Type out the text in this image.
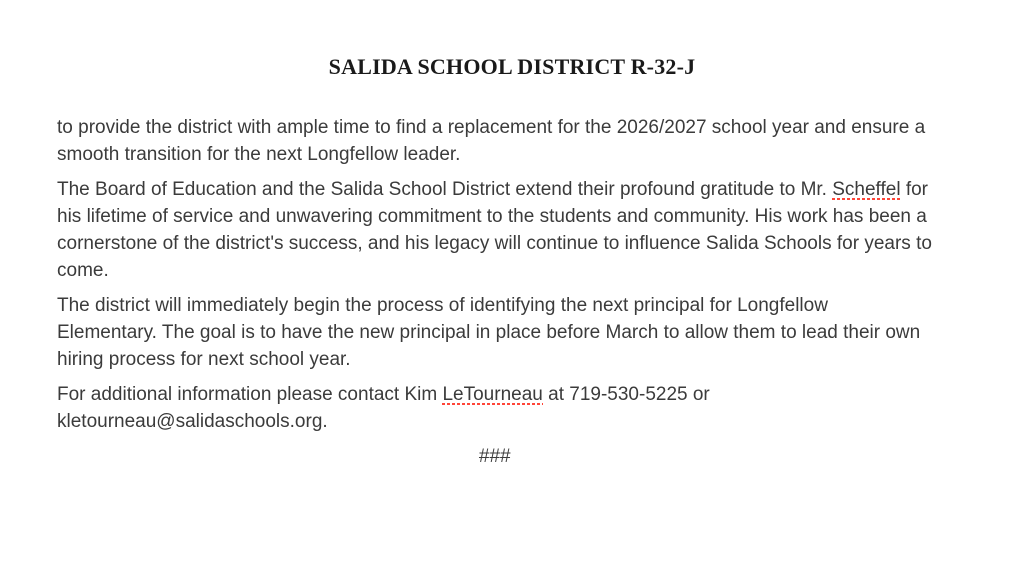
SALIDA SCHOOL DISTRICT R-32-J

to provide the district with ample time to find a replacement for the 2026/2027 school year and ensure a smooth transition for the next Longfellow leader.

The Board of Education and the Salida School District extend their profound gratitude to Mr. Scheffel for his lifetime of service and unwavering commitment to the students and community. His work has been a cornerstone of the district's success, and his legacy will continue to influence Salida Schools for years to come.

The district will immediately begin the process of identifying the next principal for Longfellow Elementary. The goal is to have the new principal in place before March to allow them to lead their own hiring process for next school year.

For additional information please contact Kim LeTourneau at 719-530-5225 or kletourneau@salidaschools.org.

###
